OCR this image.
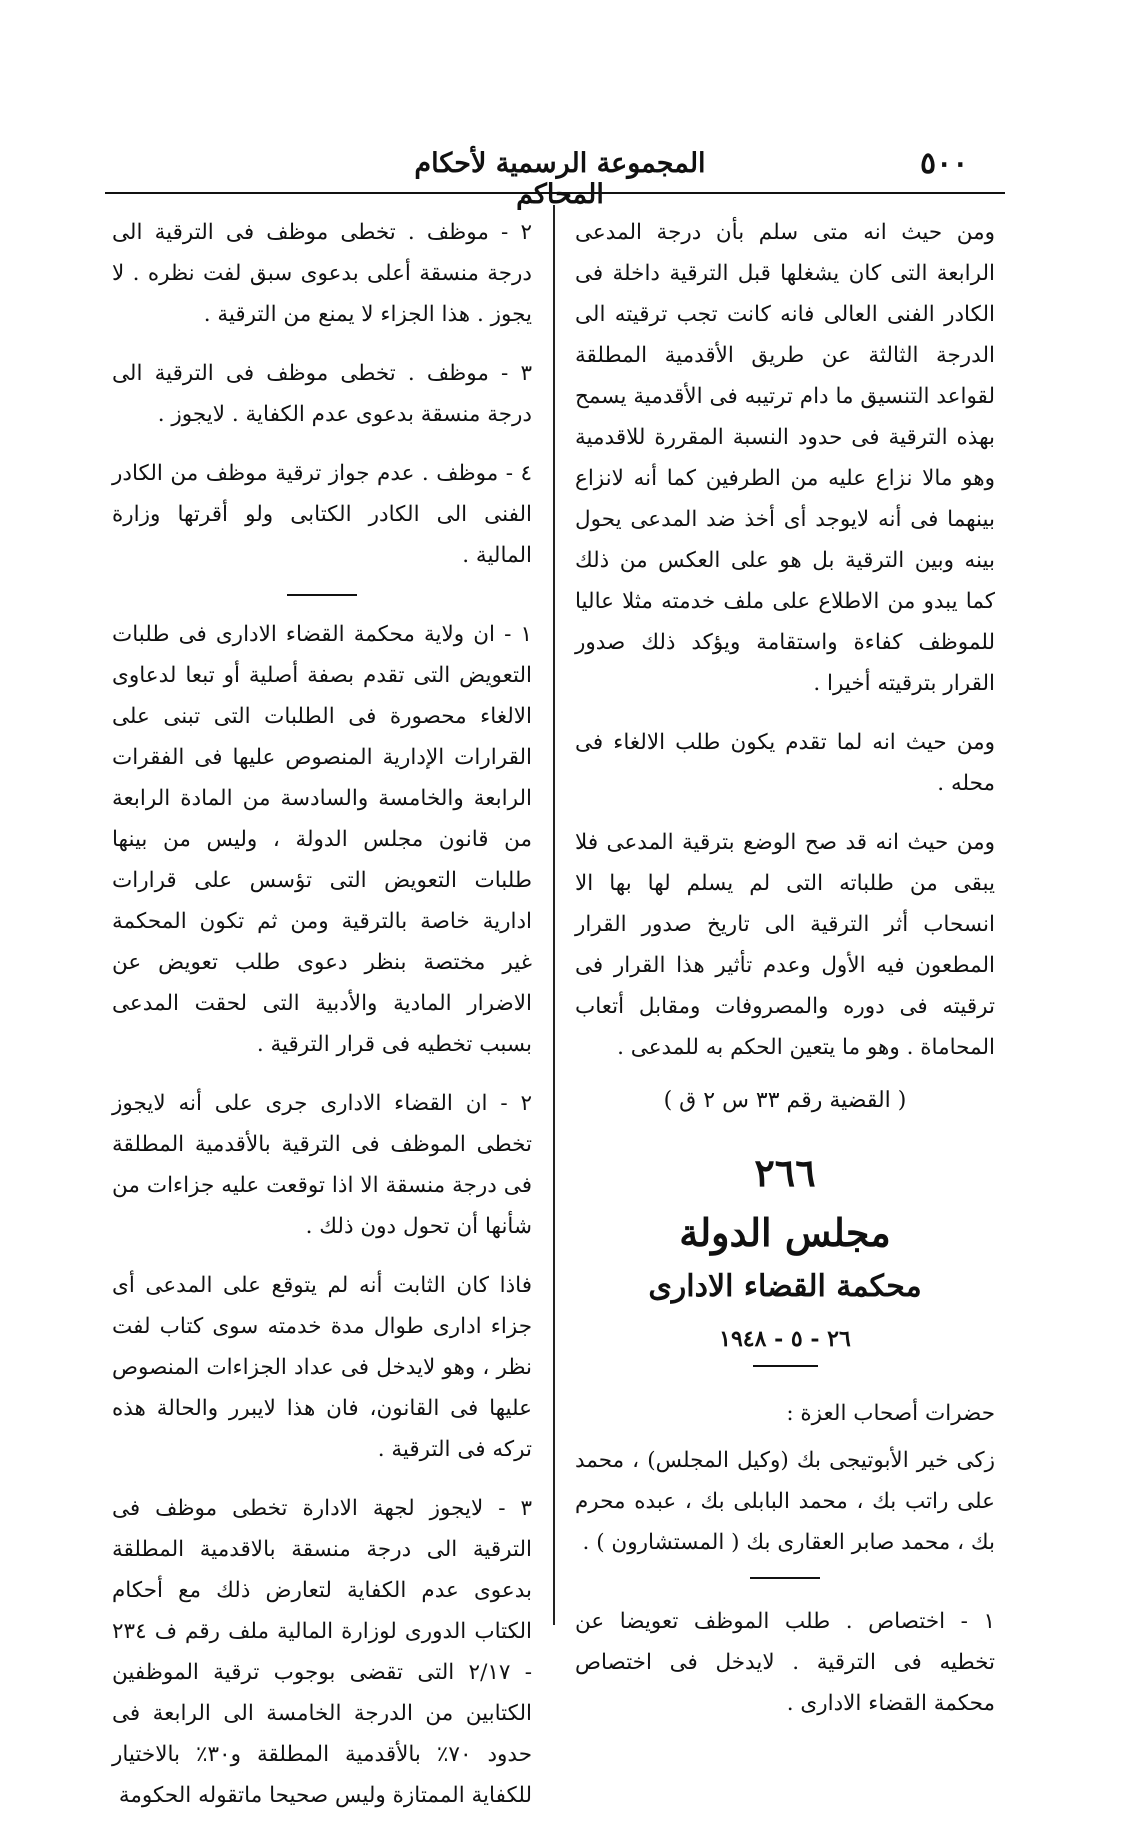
٥٠٠
المجموعة الرسمية لأحكام المحاكم

ومن حيث انه متى سلم بأن درجة المدعى الرابعة التى كان يشغلها قبل الترقية داخلة فى الكادر الفنى العالى فانه كانت تجب ترقيته الى الدرجة الثالثة عن طريق الأقدمية المطلقة لقواعد التنسيق ما دام ترتيبه فى الأقدمية يسمح بهذه الترقية فى حدود النسبة المقررة للاقدمية وهو مالا نزاع عليه من الطرفين كما أنه لانزاع بينهما فى أنه لايوجد أى أخذ ضد المدعى يحول بينه وبين الترقية بل هو على العكس من ذلك كما يبدو من الاطلاع على ملف خدمته مثلا عاليا للموظف كفاءة واستقامة ويؤكد ذلك صدور القرار بترقيته أخيرا .

ومن حيث انه لما تقدم يكون طلب الالغاء فى محله .

ومن حيث انه قد صح الوضع بترقية المدعى فلا يبقى من طلباته التى لم يسلم لها بها الا انسحاب أثر الترقية الى تاريخ صدور القرار المطعون فيه الأول وعدم تأثير هذا القرار فى ترقيته فى دوره والمصروفات ومقابل أتعاب المحاماة . وهو ما يتعين الحكم به للمدعى .

( القضية رقم ٣٣ س ٢ ق )
٢٦٦
مجلس الدولة
محكمة القضاء الادارى
٢٦ - ٥ - ١٩٤٨

حضرات أصحاب العزة :

زكى خير الأبوتيجى بك (وكيل المجلس) ، محمد على راتب بك ، محمد البابلى بك ، عبده محرم بك ، محمد صابر العقارى بك ( المستشارون ) .

١ - اختصاص . طلب الموظف تعويضا عن تخطيه فى الترقية . لايدخل فى اختصاص محكمة القضاء الادارى .

٢ - موظف . تخطى موظف فى الترقية الى درجة منسقة أعلى بدعوى سبق لفت نظره . لا يجوز . هذا الجزاء لا يمنع من الترقية .

٣ - موظف . تخطى موظف فى الترقية الى درجة منسقة بدعوى عدم الكفاية . لايجوز .

٤ - موظف . عدم جواز ترقية موظف من الكادر الفنى الى الكادر الكتابى ولو أقرتها وزارة المالية .

١ - ان ولاية محكمة القضاء الادارى فى طلبات التعويض التى تقدم بصفة أصلية أو تبعا لدعاوى الالغاء محصورة فى الطلبات التى تبنى على القرارات الإدارية المنصوص عليها فى الفقرات الرابعة والخامسة والسادسة من المادة الرابعة من قانون مجلس الدولة ، وليس من بينها طلبات التعويض التى تؤسس على قرارات ادارية خاصة بالترقية ومن ثم تكون المحكمة غير مختصة بنظر دعوى طلب تعويض عن الاضرار المادية والأدبية التى لحقت المدعى بسبب تخطيه فى قرار الترقية .

٢ - ان القضاء الادارى جرى على أنه لايجوز تخطى الموظف فى الترقية بالأقدمية المطلقة فى درجة منسقة الا اذا توقعت عليه جزاءات من شأنها أن تحول دون ذلك .

فاذا كان الثابت أنه لم يتوقع على المدعى أى جزاء ادارى طوال مدة خدمته سوى كتاب لفت نظر ، وهو لايدخل فى عداد الجزاءات المنصوص عليها فى القانون، فان هذا لايبرر والحالة هذه تركه فى الترقية .

٣ - لايجوز لجهة الادارة تخطى موظف فى الترقية الى درجة منسقة بالاقدمية المطلقة بدعوى عدم الكفاية لتعارض ذلك مع أحكام الكتاب الدورى لوزارة المالية ملف رقم ف ٢٣٤ - ٢/١٧ التى تقضى بوجوب ترقية الموظفين الكتابين من الدرجة الخامسة الى الرابعة فى حدود ٧٠٪ بالأقدمية المطلقة و٣٠٪ بالاختيار للكفاية الممتازة وليس صحيحا ماتقوله الحكومة
